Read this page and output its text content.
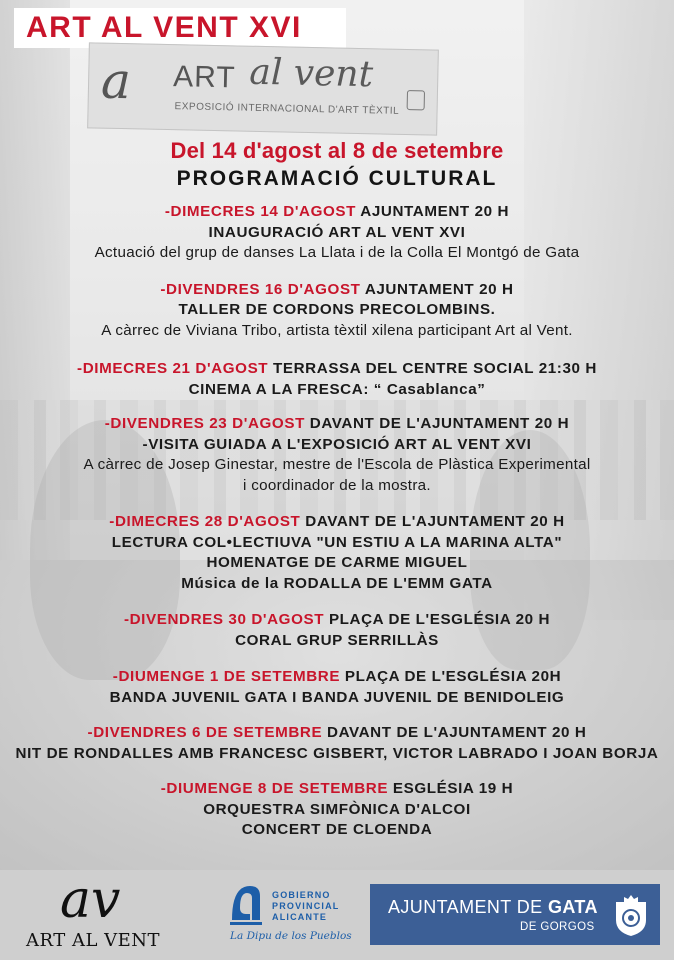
ART AL VENT XVI
a ART al vent
EXPOSICIÓ INTERNACIONAL D'ART TÈXTIL
Del 14 d'agost al 8 de setembre
PROGRAMACIÓ CULTURAL
-DIMECRES 14 D'AGOST AJUNTAMENT 20 H
INAUGURACIÓ ART AL VENT XVI
Actuació del grup de danses La Llata i de la Colla El Montgó de Gata
-DIVENDRES 16 D'AGOST AJUNTAMENT 20 H
TALLER DE CORDONS PRECOLOMBINS.
A càrrec de Viviana Tribo, artista tèxtil xilena participant Art al Vent.
-DIMECRES 21 D'AGOST TERRASSA DEL CENTRE SOCIAL 21:30 H
CINEMA A LA FRESCA: “ Casablanca”
-DIVENDRES 23 D'AGOST DAVANT DE L'AJUNTAMENT 20 H
-VISITA GUIADA A L'EXPOSICIÓ ART AL VENT XVI
A càrrec de Josep Ginestar, mestre de l'Escola de Plàstica Experimental
i coordinador de la mostra.
-DIMECRES 28 D'AGOST DAVANT DE L'AJUNTAMENT 20 H
LECTURA COL•LECTIUVA "UN ESTIU A LA MARINA ALTA"
HOMENATGE DE CARME MIGUEL
Música de la RODALLA DE L'EMM GATA
-DIVENDRES 30 D'AGOST PLAÇA DE L'ESGLÉSIA 20 H
CORAL GRUP SERRILLÀS
-DIUMENGE 1 DE SETEMBRE PLAÇA DE L'ESGLÉSIA 20H
BANDA JUVENIL GATA I BANDA JUVENIL DE BENIDOLEIG
-DIVENDRES 6 DE SETEMBRE DAVANT DE L'AJUNTAMENT 20 H
NIT DE RONDALLES AMB FRANCESC GISBERT, VICTOR LABRADO I JOAN BORJA
-DIUMENGE 8 DE SETEMBRE ESGLÉSIA 19 H
ORQUESTRA SIMFÒNICA D'ALCOI
CONCERT DE CLOENDA
av
ART AL VENT
GOBIERNO
PROVINCIAL
ALICANTE
La Dipu de los Pueblos
AJUNTAMENT DE GATA
DE GORGOS
